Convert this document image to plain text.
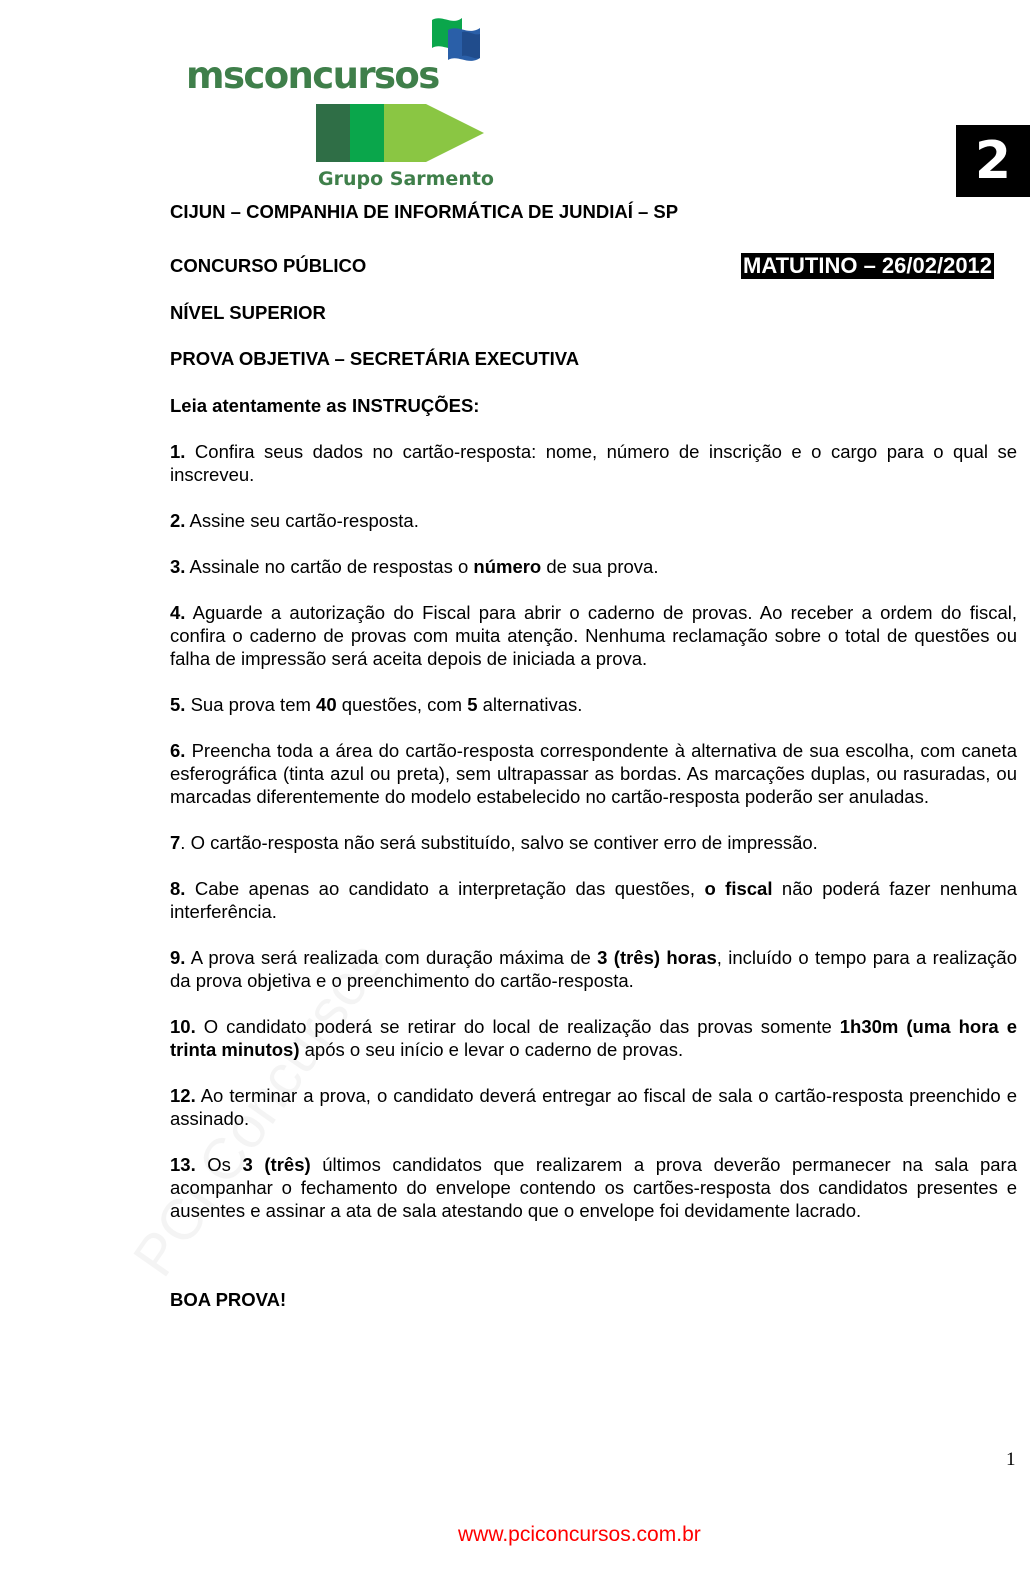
msconcursos
Grupo Sarmento	2
CIJUN – COMPANHIA DE INFORMÁTICA DE JUNDIAÍ – SP
CONCURSO PÚBLICO	MATUTINO – 26/02/2012
NÍVEL SUPERIOR
PROVA OBJETIVA – SECRETÁRIA EXECUTIVA
Leia atentamente as INSTRUÇÕES:
1. Confira seus dados no cartão-resposta: nome, número de inscrição e o cargo para o qual se inscreveu.
2. Assine seu cartão-resposta.
3. Assinale no cartão de respostas o número de sua prova.
4. Aguarde a autorização do Fiscal para abrir o caderno de provas. Ao receber a ordem do fiscal, confira o caderno de provas com muita atenção. Nenhuma reclamação sobre o total de questões ou falha de impressão será aceita depois de iniciada a prova.
5. Sua prova tem 40 questões, com 5 alternativas.
6. Preencha toda a área do cartão-resposta correspondente à alternativa de sua escolha, com caneta esferográfica (tinta azul ou preta), sem ultrapassar as bordas. As marcações duplas, ou rasuradas, ou marcadas diferentemente do modelo estabelecido no cartão-resposta poderão ser anuladas.
7. O cartão-resposta não será substituído, salvo se contiver erro de impressão.
8. Cabe apenas ao candidato a interpretação das questões, o fiscal não poderá fazer nenhuma interferência.
9. A prova será realizada com duração máxima de 3 (três) horas, incluído o tempo para a realização da prova objetiva e o preenchimento do cartão-resposta.
10. O candidato poderá se retirar do local de realização das provas somente 1h30m (uma hora e trinta minutos) após o seu início e levar o caderno de provas.
12. Ao terminar a prova, o candidato deverá entregar ao fiscal de sala o cartão-resposta preenchido e assinado.
13. Os 3 (três) últimos candidatos que realizarem a prova deverão permanecer na sala para acompanhar o fechamento do envelope contendo os cartões-resposta dos candidatos presentes e ausentes e assinar a ata de sala atestando que o envelope foi devidamente lacrado.
BOA PROVA!
1
www.pciconcursos.com.br
